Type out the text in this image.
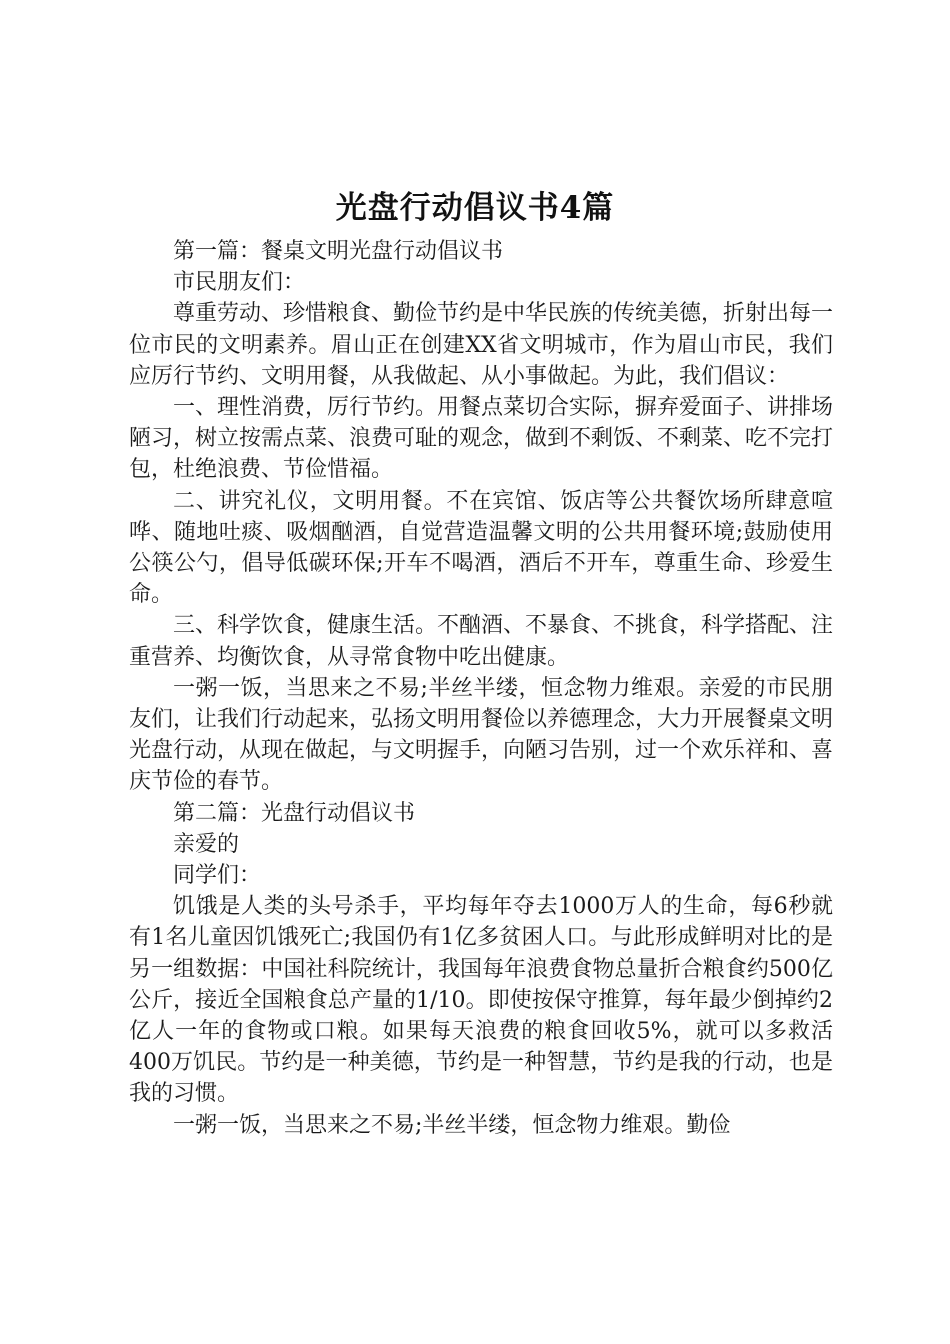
光盘行动倡议书4篇

第一篇：餐桌文明光盘行动倡议书

市民朋友们：

尊重劳动、珍惜粮食、勤俭节约是中华民族的传统美德，折射出每一位市民的文明素养。眉山正在创建XX省文明城市，作为眉山市民，我们应厉行节约、文明用餐，从我做起、从小事做起。为此，我们倡议：

一、理性消费，厉行节约。用餐点菜切合实际，摒弃爱面子、讲排场陋习，树立按需点菜、浪费可耻的观念，做到不剩饭、不剩菜、吃不完打包，杜绝浪费、节俭惜福。

二、讲究礼仪，文明用餐。不在宾馆、饭店等公共餐饮场所肆意喧哗、随地吐痰、吸烟酗酒，自觉营造温馨文明的公共用餐环境;鼓励使用公筷公勺，倡导低碳环保;开车不喝酒，酒后不开车，尊重生命、珍爱生命。

三、科学饮食，健康生活。不酗酒、不暴食、不挑食，科学搭配、注重营养、均衡饮食，从寻常食物中吃出健康。

一粥一饭，当思来之不易;半丝半缕，恒念物力维艰。亲爱的市民朋友们，让我们行动起来，弘扬文明用餐俭以养德理念，大力开展餐桌文明光盘行动，从现在做起，与文明握手，向陋习告别，过一个欢乐祥和、喜庆节俭的春节。

第二篇：光盘行动倡议书

亲爱的

同学们：

饥饿是人类的头号杀手，平均每年夺去1000万人的生命，每6秒就有1名儿童因饥饿死亡;我国仍有1亿多贫困人口。与此形成鲜明对比的是另一组数据：中国社科院统计，我国每年浪费食物总量折合粮食约500亿公斤，接近全国粮食总产量的1/10。即使按保守推算，每年最少倒掉约2亿人一年的食物或口粮。如果每天浪费的粮食回收5%，就可以多救活400万饥民。节约是一种美德，节约是一种智慧，节约是我的行动，也是我的习惯。

一粥一饭，当思来之不易;半丝半缕，恒念物力维艰。勤俭
